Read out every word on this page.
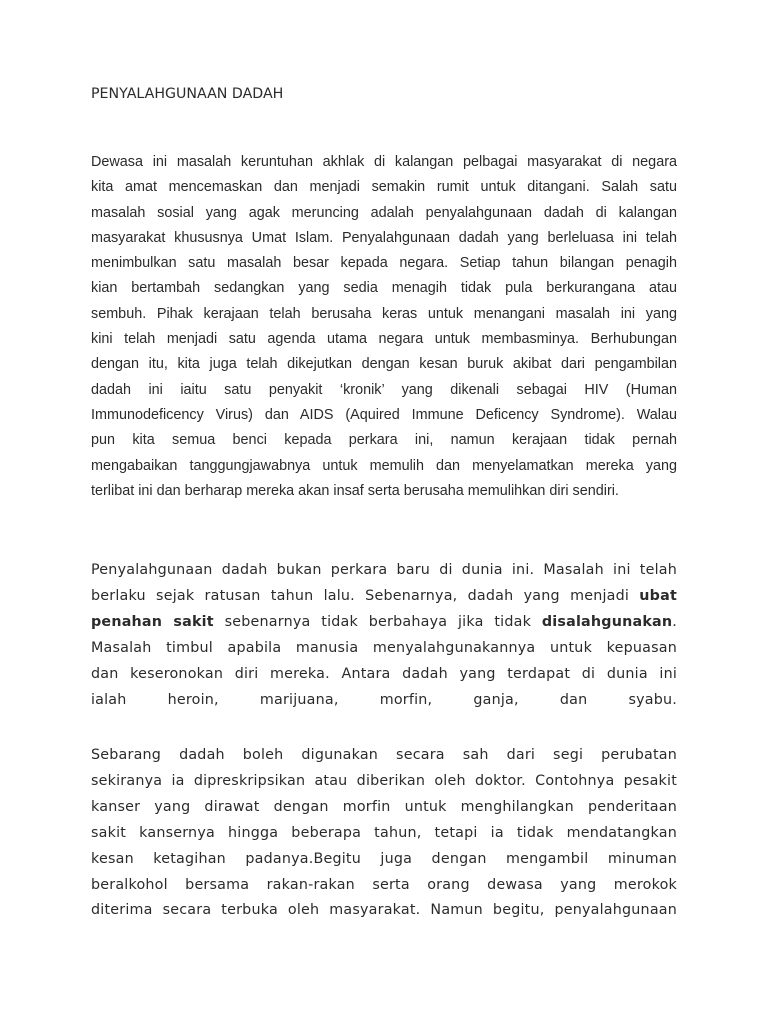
PENYALAHGUNAAN DADAH
Dewasa ini masalah keruntuhan akhlak di kalangan pelbagai masyarakat di negara
kita amat mencemaskan dan menjadi semakin rumit untuk ditangani. Salah satu
masalah sosial yang agak meruncing adalah penyalahgunaan dadah di kalangan
masyarakat khususnya Umat Islam. Penyalahgunaan dadah yang berleluasa ini telah
menimbulkan satu masalah besar kepada negara. Setiap tahun bilangan penagih
kian bertambah sedangkan yang sedia menagih tidak pula berkurangana atau
sembuh. Pihak kerajaan telah berusaha keras untuk menangani masalah ini yang
kini telah menjadi satu agenda utama negara untuk membasminya. Berhubungan
dengan itu, kita juga telah dikejutkan dengan kesan buruk akibat dari pengambilan
dadah ini iaitu satu penyakit ‘kronik’ yang dikenali sebagai HIV (Human
Immunodeficency Virus) dan AIDS (Aquired Immune Deficency Syndrome). Walau
pun kita semua benci kepada perkara ini, namun kerajaan tidak pernah
mengabaikan tanggungjawabnya untuk memulih dan menyelamatkan mereka yang
terlibat ini dan berharap mereka akan insaf serta berusaha memulihkan diri sendiri.
Penyalahgunaan dadah bukan perkara baru di dunia ini. Masalah ini telah
berlaku sejak ratusan tahun lalu. Sebenarnya, dadah yang menjadi ubat
penahan sakit sebenarnya tidak berbahaya jika tidak disalahgunakan.
Masalah timbul apabila manusia menyalahgunakannya untuk kepuasan
dan keseronokan diri mereka. Antara dadah yang terdapat di dunia ini
ialah heroin, marijuana, morfin, ganja, dan syabu.
Sebarang dadah boleh digunakan secara sah dari segi perubatan
sekiranya ia dipreskripsikan atau diberikan oleh doktor. Contohnya pesakit
kanser yang dirawat dengan morfin untuk menghilangkan penderitaan
sakit kansernya hingga beberapa tahun, tetapi ia tidak mendatangkan
kesan ketagihan padanya.Begitu juga dengan mengambil minuman
beralkohol bersama rakan-rakan serta orang dewasa yang merokok
diterima secara terbuka oleh masyarakat. Namun begitu, penyalahgunaan
